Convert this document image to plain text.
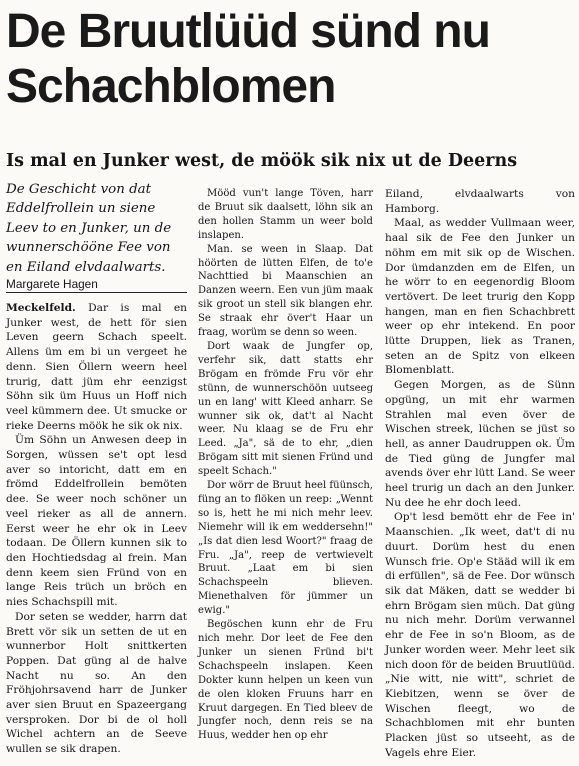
De Bruutlüüd sünd nu Schachblomen
Is mal en Junker west, de möök sik nix ut de Deerns

De Geschicht von dat Eddelfrollein un siene Leev to en Junker, un de wunnerschööne Fee von en Eiland elvdaalwarts.

Margarete Hagen

Meckelfeld. Dar is mal en Junker west, de hett för sien Leven geern Schach speelt. Allens üm em bi un vergeet he denn. Sien Öllern weern heel trurig, datt jüm ehr eenzigst Söhn sik üm Huus un Hoff nich veel kümmern dee. Ut smucke or rieke Deerns möök he sik ok nix.

Üm Söhn un Anwesen deep in Sorgen, wüssen se't opt lesd aver so intoricht, datt em en frömd Eddelfrollein bemöten dee. Se weer noch schöner un veel rieker as all de annern. Eerst weer he ehr ok in Leev todaan. De Öllern kunnen sik to den Hochtiedsdag al frein. Man denn keem sien Fründ von en lange Reis trüch un bröch en nies Schachspill mit.

Dor seten se wedder, harrn dat Brett vör sik un setten de ut en wunnerbor Holt snittkerten Poppen. Dat güng al de halve Nacht nu so. An den Fröhjohrsavend harr de Junker aver sien Bruut en Spazeergang versproken. Dor bi de ol holl Wichel achtern an de Seeve wullen se sik drapen.

Mööd vun't lange Töven, harr de Bruut sik daalsett, löhn sik an den hollen Stamm un weer bold inslapen.

Man. se ween in Slaap. Dat höörten de lütten Elfen, de to'e Nachttied bi Maanschien an Danzen weern. Een vun jüm maak sik groot un stell sik blangen ehr. Se straak ehr över't Haar un fraag, worüm se denn so ween.

Dort waak de Jungfer op, verfehr sik, datt statts ehr Brögam en frömde Fru vör ehr stünn, de wunnerschöön uutseeg un en lang' witt Kleed anharr. Se wunner sik ok, dat't al Nacht weer. Nu klaag se de Fru ehr Leed. „Ja", sä de to ehr, „dien Brögam sitt mit sienen Fründ und speelt Schach."

Dor wörr de Bruut heel füünsch, füng an to flöken un reep: „Wennt so is, hett he mi nich mehr leev. Niemehr will ik em weddersehn!" „Is dat dien lesd Woort?" fraag de Fru. „Ja", reep de vertwievelt Bruut. „Laat em bi sien Schachspeeln blieven. Mienethalven för jümmer un ewig."

Begöschen kunn ehr de Fru nich mehr. Dor leet de Fee den Junker un sienen Fründ bi't Schachspeeln inslapen. Keen Dokter kunn helpen un keen vun de olen kloken Fruuns harr en Kruut dargegen. En Tied bleev de Jungfer noch, denn reis se na Huus, wedder hen op ehr

Eiland, elvdaalwarts von Hamborg.

Maal, as wedder Vullmaan weer, haal sik de Fee den Junker un nöhm em mit sik op de Wischen. Dor ümdanzden em de Elfen, un he wörr to en eegenordig Bloom vertövert. De leet trurig den Kopp hangen, man en fien Schachbrett weer op ehr intekend. En poor lütte Druppen, liek as Tranen, seten an de Spitz von elkeen Blomenblatt.

Gegen Morgen, as de Sünn opgüng, un mit ehr warmen Strahlen mal even över de Wischen streek, lüchen se jüst so hell, as anner Daudruppen ok. Üm de Tied güng de Jungfer mal avends över ehr lütt Land. Se weer heel trurig un dach an den Junker. Nu dee he ehr doch leed.

Op't lesd bemött ehr de Fee in' Maanschien. „Ik weet, dat't di nu duurt. Dorüm hest du enen Wunsch frie. Op'e Stääd will ik em di erfüllen", sä de Fee. Dor wünsch sik dat Mäken, datt se wedder bi ehrn Brögam sien müch. Dat güng nu nich mehr. Dorüm verwannel ehr de Fee in so'n Bloom, as de Junker worden weer. Mehr leet sik nich doon för de beiden Bruutlüüd. „Nie witt, nie witt", schriet de Kiebitzen, wenn se över de Wischen fleegt, wo de Schachblomen mit ehr bunten Placken jüst so utseeht, as de Vagels ehre Eier.
